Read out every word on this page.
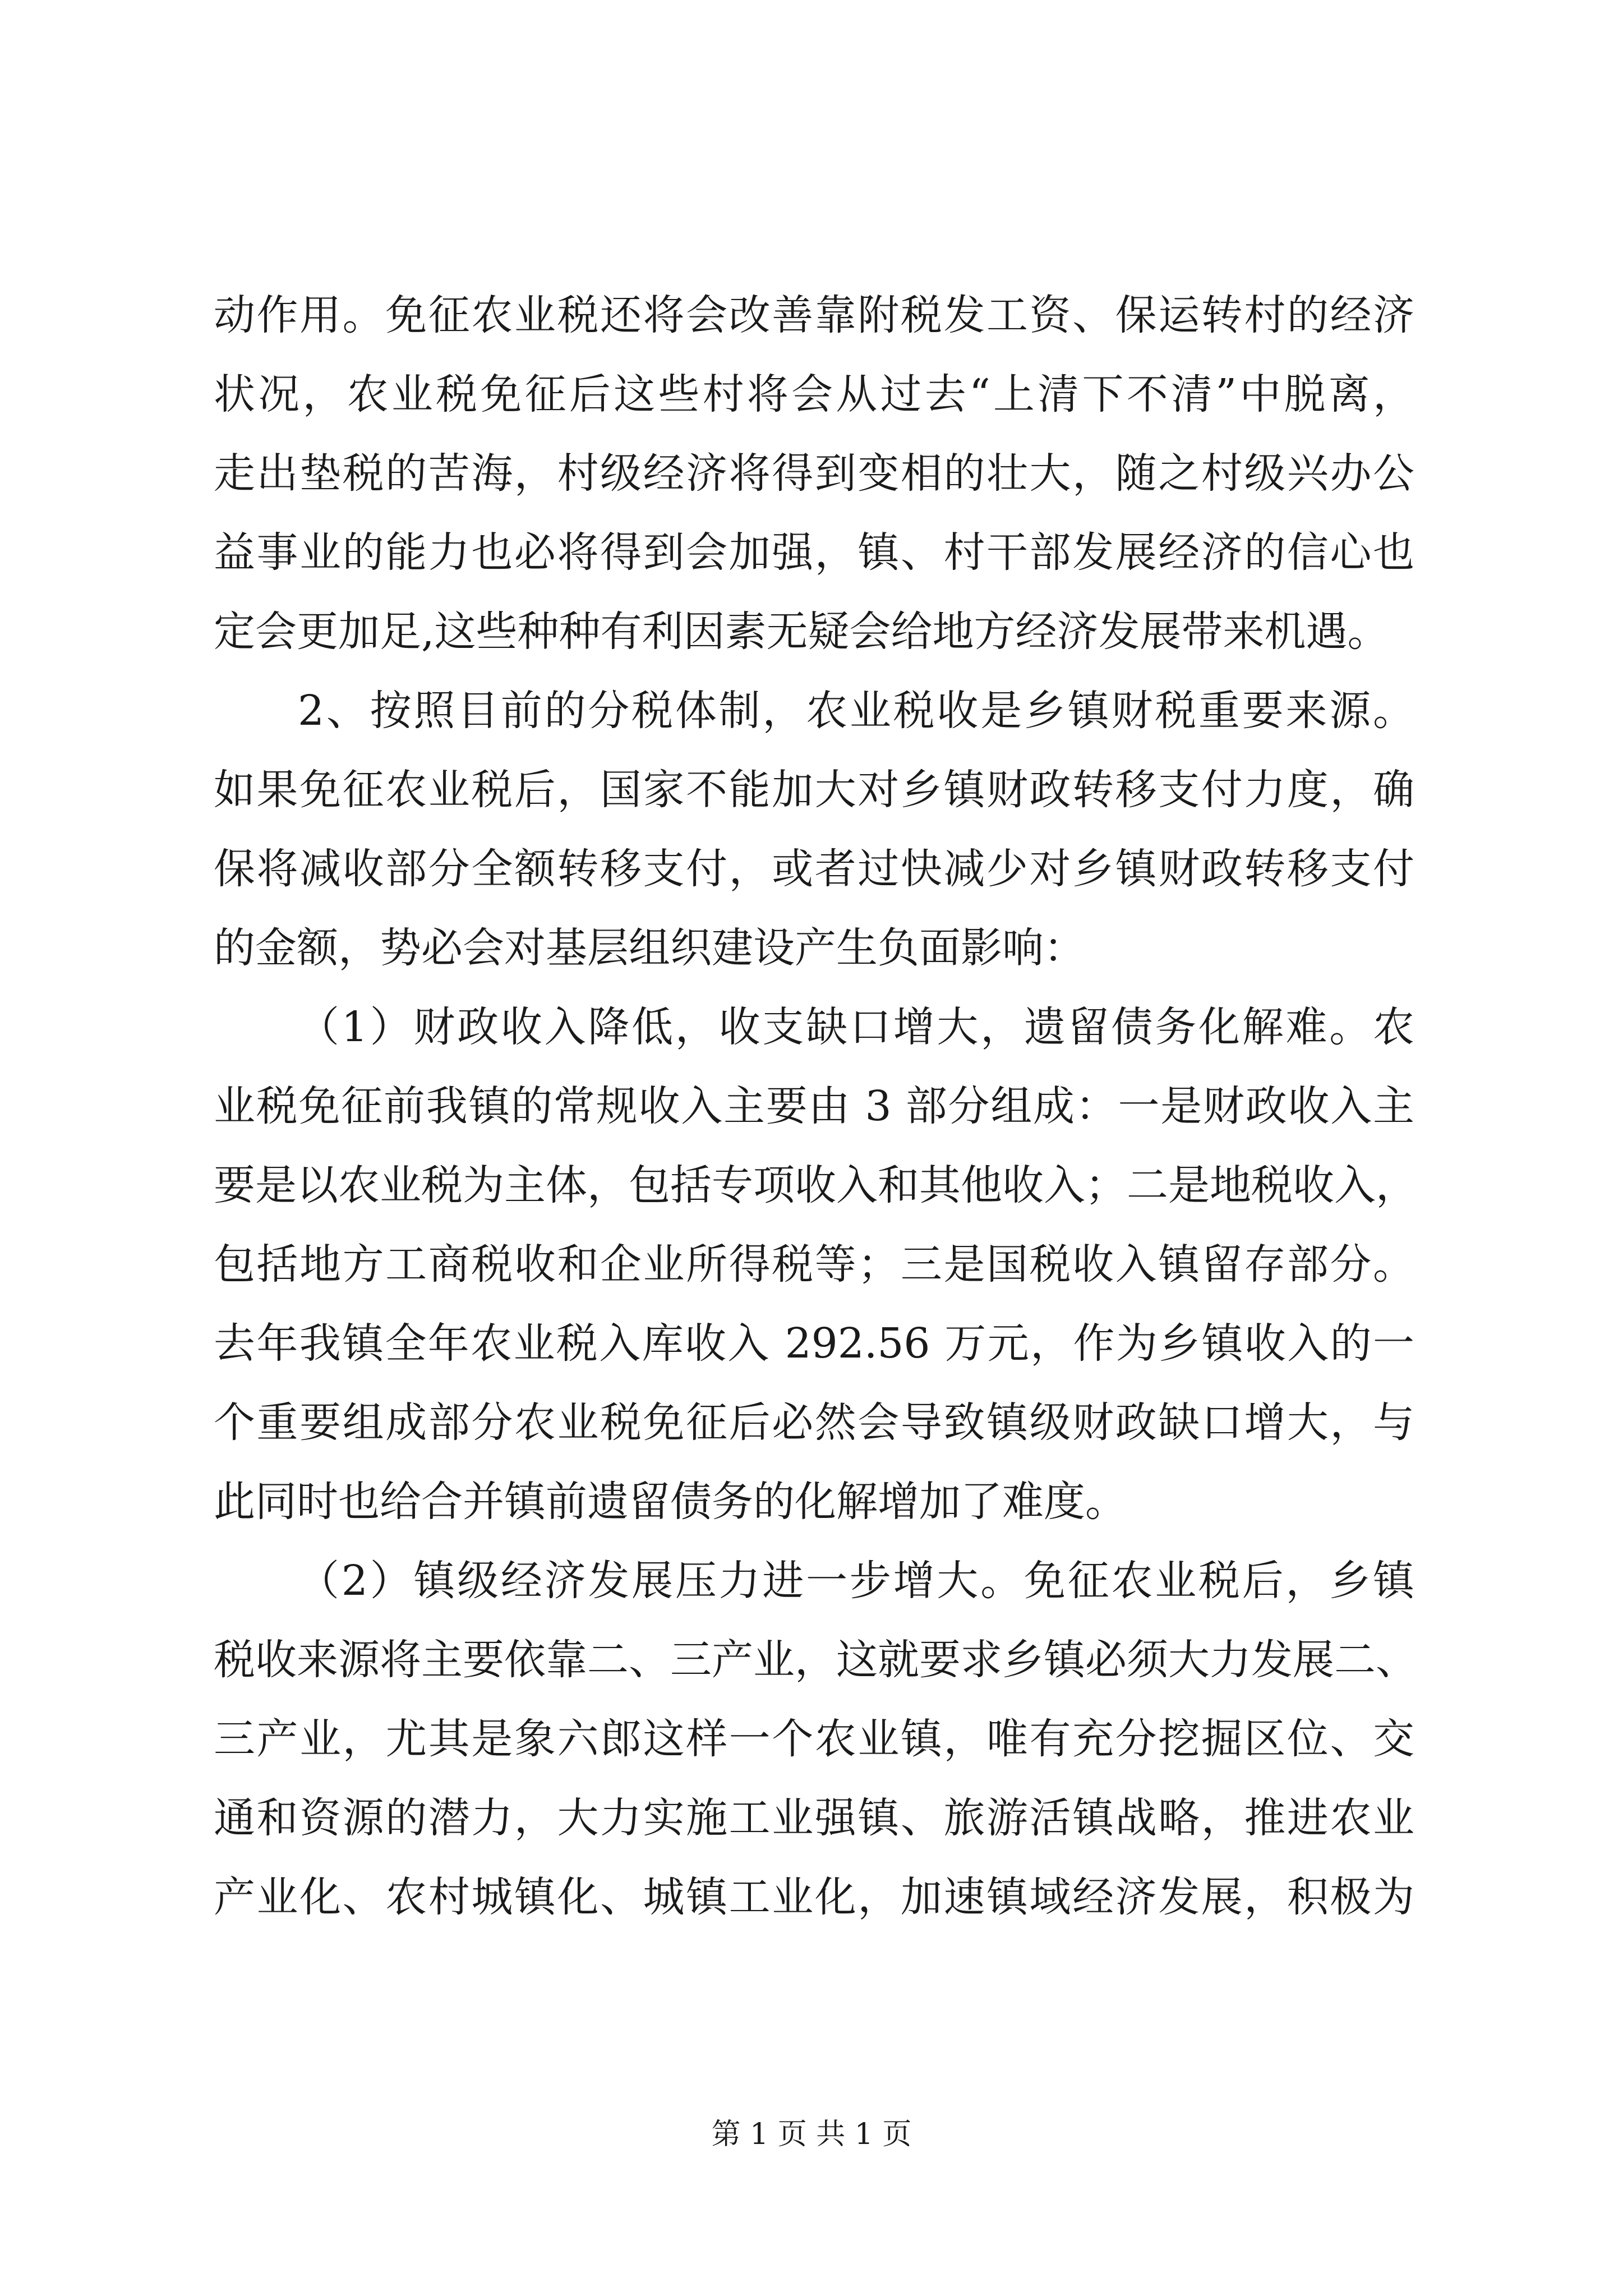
动作用。免征农业税还将会改善靠附税发工资、保运转村的经济

状况，农业税免征后这些村将会从过去“上清下不清”中脱离，

走出垫税的苦海，村级经济将得到变相的壮大，随之村级兴办公

益事业的能力也必将得到会加强，镇、村干部发展经济的信心也

定会更加足,这些种种有利因素无疑会给地方经济发展带来机遇。

2、按照目前的分税体制，农业税收是乡镇财税重要来源。

如果免征农业税后，国家不能加大对乡镇财政转移支付力度，确

保将减收部分全额转移支付，或者过快减少对乡镇财政转移支付

的金额，势必会对基层组织建设产生负面影响：

（1）财政收入降低，收支缺口增大，遗留债务化解难。农

业税免征前我镇的常规收入主要由 3 部分组成：一是财政收入主

要是以农业税为主体，包括专项收入和其他收入；二是地税收入，

包括地方工商税收和企业所得税等；三是国税收入镇留存部分。

去年我镇全年农业税入库收入 292.56 万元，作为乡镇收入的一

个重要组成部分农业税免征后必然会导致镇级财政缺口增大，与

此同时也给合并镇前遗留债务的化解增加了难度。

（2）镇级经济发展压力进一步增大。免征农业税后，乡镇

税收来源将主要依靠二、三产业，这就要求乡镇必须大力发展二、

三产业，尤其是象六郎这样一个农业镇，唯有充分挖掘区位、交

通和资源的潜力，大力实施工业强镇、旅游活镇战略，推进农业

产业化、农村城镇化、城镇工业化，加速镇域经济发展，积极为

第 1 页 共 1 页
